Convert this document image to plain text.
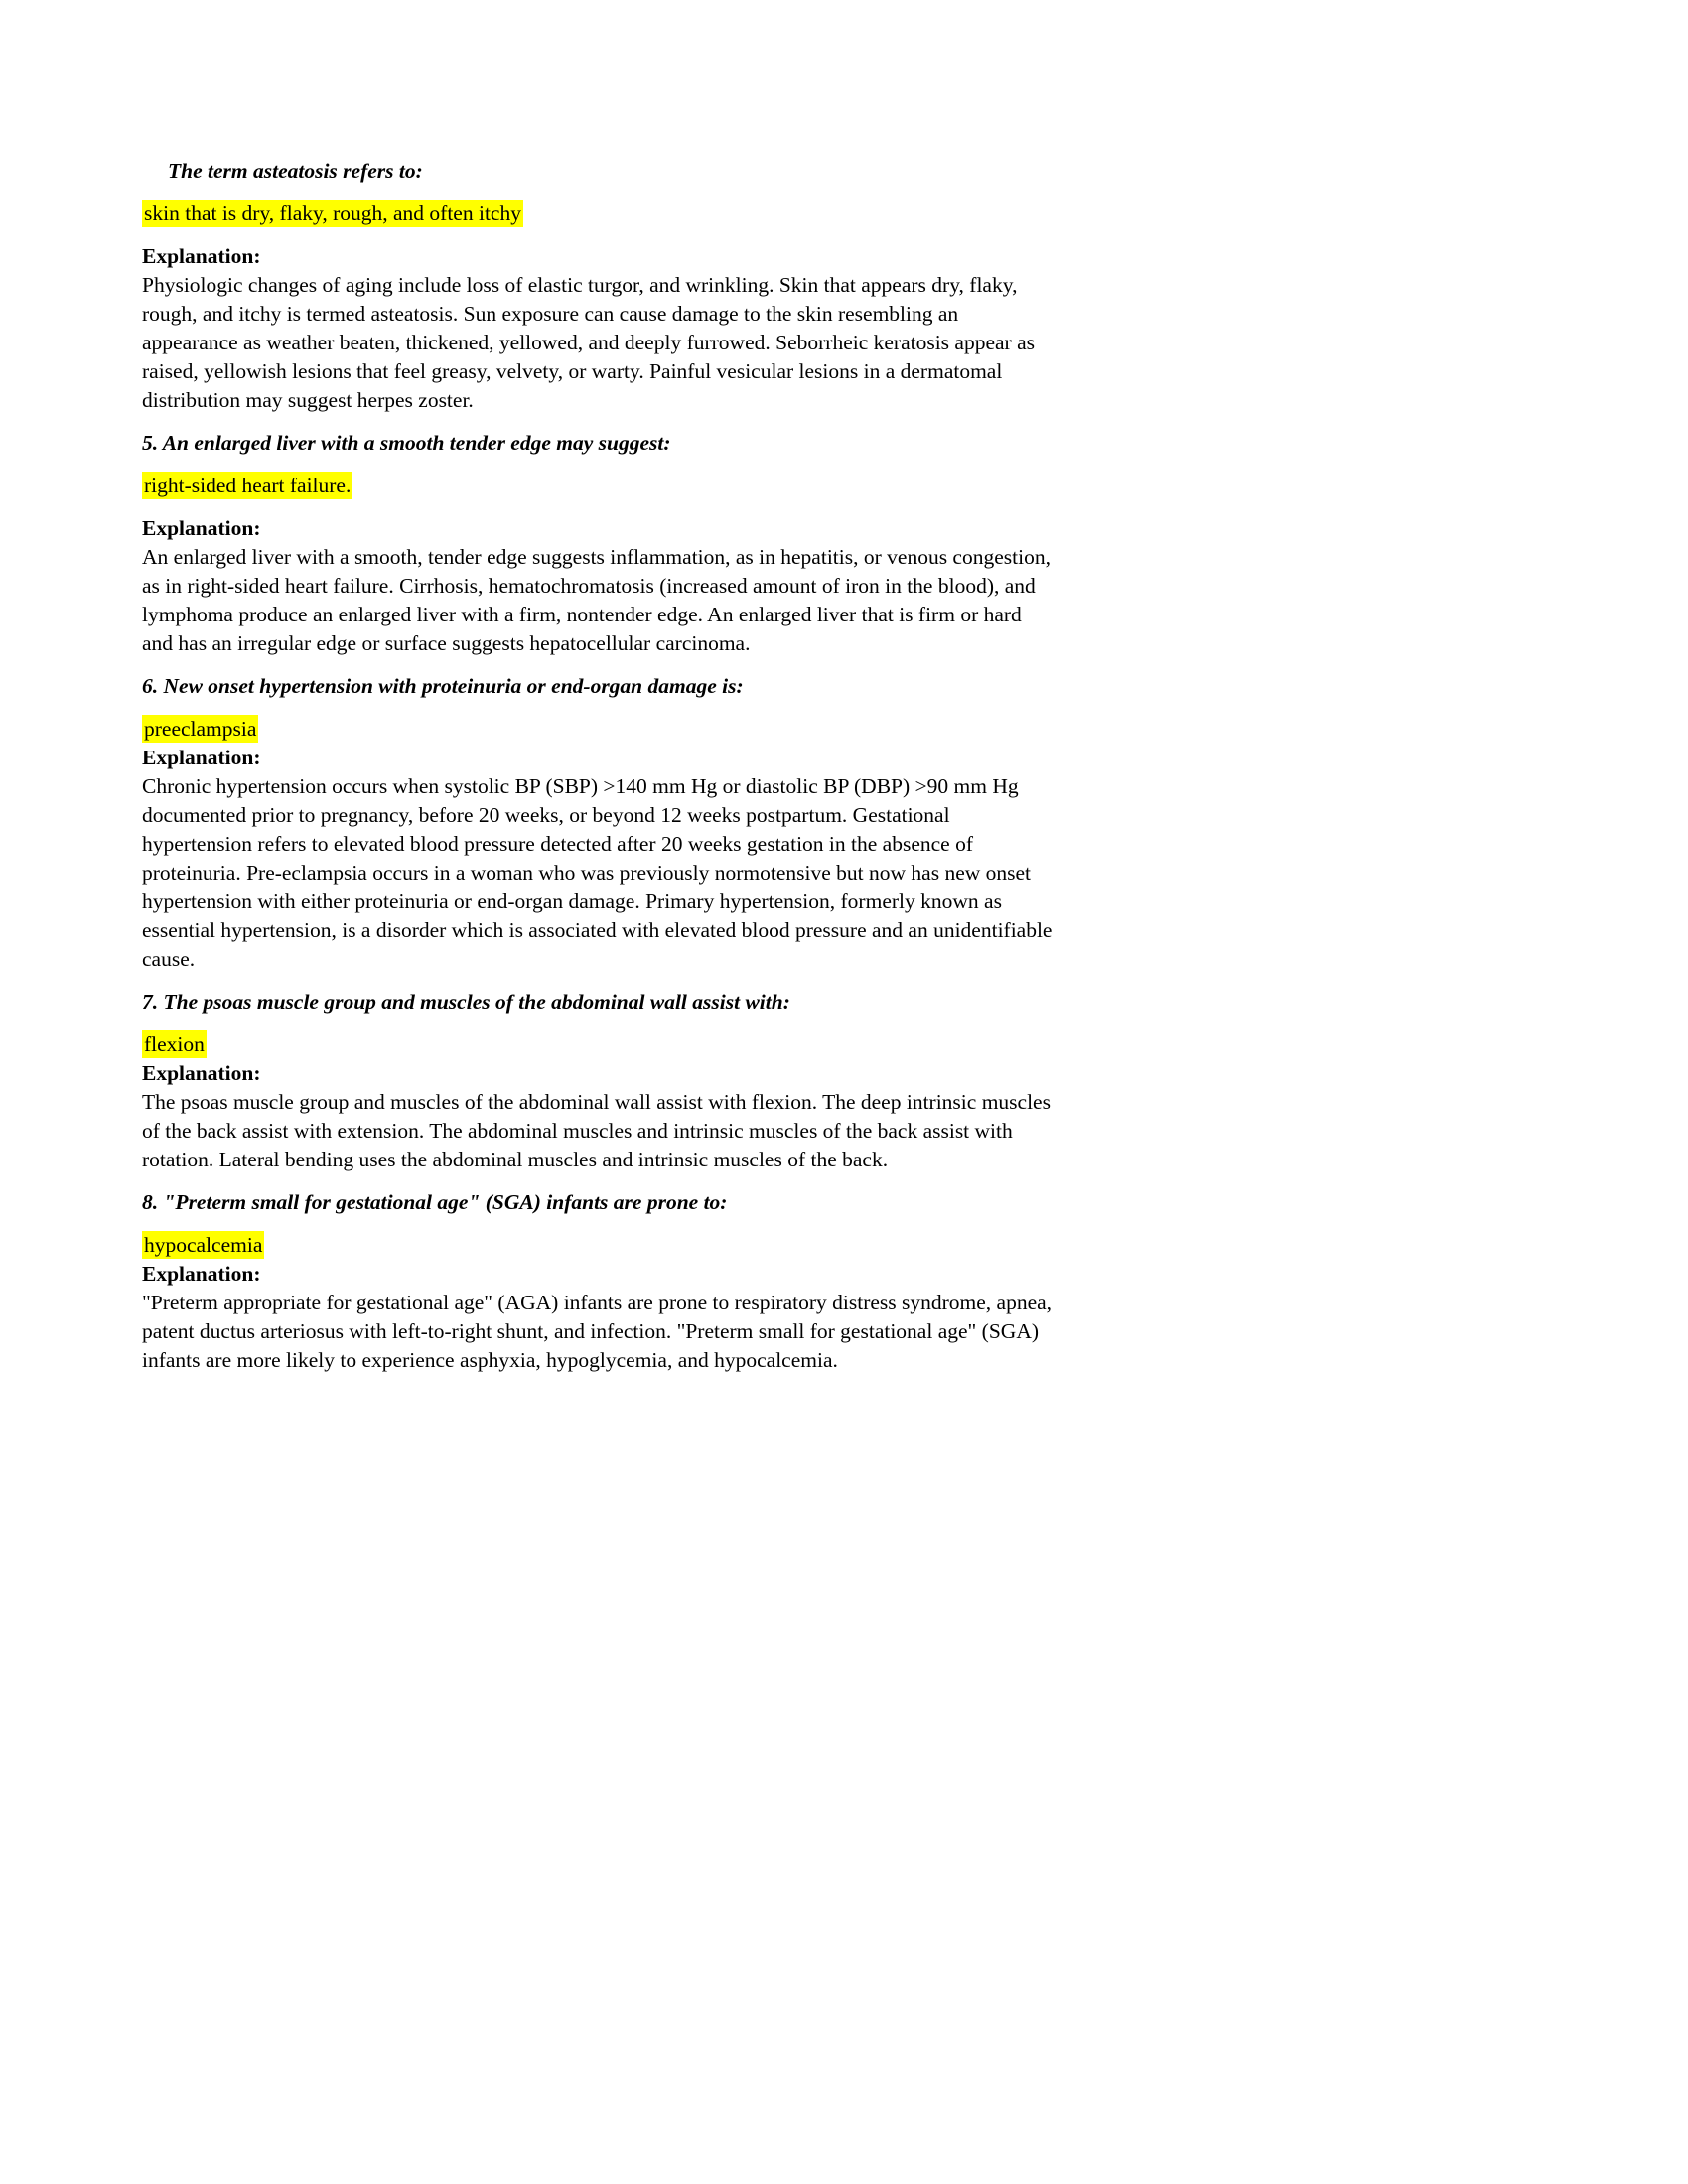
The term asteatosis refers to:

skin that is dry, flaky, rough, and often itchy

Explanation:
Physiologic changes of aging include loss of elastic turgor, and wrinkling. Skin that appears dry, flaky, rough, and itchy is termed asteatosis. Sun exposure can cause damage to the skin resembling an appearance as weather beaten, thickened, yellowed, and deeply furrowed. Seborrheic keratosis appear as raised, yellowish lesions that feel greasy, velvety, or warty. Painful vesicular lesions in a dermatomal distribution may suggest herpes zoster.

5. An enlarged liver with a smooth tender edge may suggest:

right-sided heart failure.

Explanation:
An enlarged liver with a smooth, tender edge suggests inflammation, as in hepatitis, or venous congestion, as in right-sided heart failure. Cirrhosis, hematochromatosis (increased amount of iron in the blood), and lymphoma produce an enlarged liver with a firm, nontender edge. An enlarged liver that is firm or hard and has an irregular edge or surface suggests hepatocellular carcinoma.

6. New onset hypertension with proteinuria or end-organ damage is:

preeclampsia

Explanation:
Chronic hypertension occurs when systolic BP (SBP) >140 mm Hg or diastolic BP (DBP) >90 mm Hg documented prior to pregnancy, before 20 weeks, or beyond 12 weeks postpartum. Gestational hypertension refers to elevated blood pressure detected after 20 weeks gestation in the absence of proteinuria. Pre-eclampsia occurs in a woman who was previously normotensive but now has new onset hypertension with either proteinuria or end-organ damage. Primary hypertension, formerly known as essential hypertension, is a disorder which is associated with elevated blood pressure and an unidentifiable cause.

7. The psoas muscle group and muscles of the abdominal wall assist with:

flexion

Explanation:
The psoas muscle group and muscles of the abdominal wall assist with flexion. The deep intrinsic muscles of the back assist with extension. The abdominal muscles and intrinsic muscles of the back assist with rotation. Lateral bending uses the abdominal muscles and intrinsic muscles of the back.

8. "Preterm small for gestational age" (SGA) infants are prone to:

hypocalcemia

Explanation:
"Preterm appropriate for gestational age" (AGA) infants are prone to respiratory distress syndrome, apnea, patent ductus arteriosus with left-to-right shunt, and infection. "Preterm small for gestational age" (SGA) infants are more likely to experience asphyxia, hypoglycemia, and hypocalcemia.
